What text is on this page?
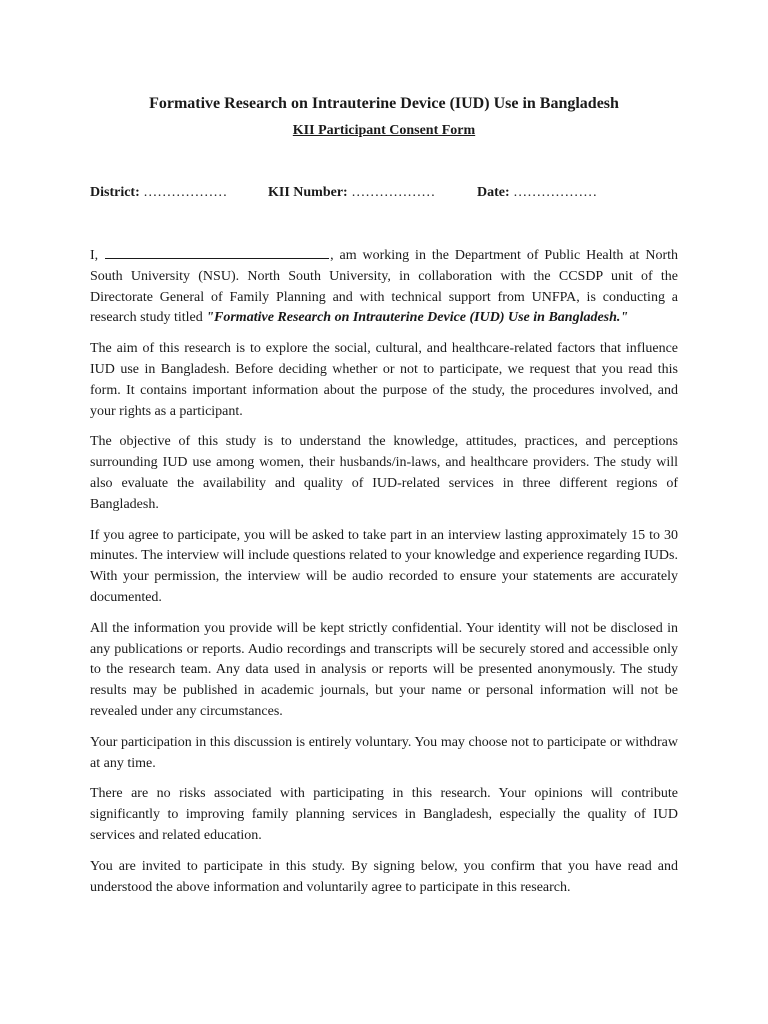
Formative Research on Intrauterine Device (IUD) Use in Bangladesh
KII Participant Consent Form
District: ………………	KII Number: ………………	Date: ………………

I,	, am working in the Department of Public Health at North South University (NSU). North South University, in collaboration with the CCSDP unit of the Directorate General of Family Planning and with technical support from UNFPA, is conducting a research study titled "Formative Research on Intrauterine Device (IUD) Use in Bangladesh."

The aim of this research is to explore the social, cultural, and healthcare-related factors that influence IUD use in Bangladesh. Before deciding whether or not to participate, we request that you read this form. It contains important information about the purpose of the study, the procedures involved, and your rights as a participant.

The objective of this study is to understand the knowledge, attitudes, practices, and perceptions surrounding IUD use among women, their husbands/in-laws, and healthcare providers. The study will also evaluate the availability and quality of IUD-related services in three different regions of Bangladesh.

If you agree to participate, you will be asked to take part in an interview lasting approximately 15 to 30 minutes. The interview will include questions related to your knowledge and experience regarding IUDs. With your permission, the interview will be audio recorded to ensure your statements are accurately documented.

All the information you provide will be kept strictly confidential. Your identity will not be disclosed in any publications or reports. Audio recordings and transcripts will be securely stored and accessible only to the research team. Any data used in analysis or reports will be presented anonymously. The study results may be published in academic journals, but your name or personal information will not be revealed under any circumstances.

Your participation in this discussion is entirely voluntary. You may choose not to participate or withdraw at any time.

There are no risks associated with participating in this research. Your opinions will contribute significantly to improving family planning services in Bangladesh, especially the quality of IUD services and related education.

You are invited to participate in this study. By signing below, you confirm that you have read and understood the above information and voluntarily agree to participate in this research.
